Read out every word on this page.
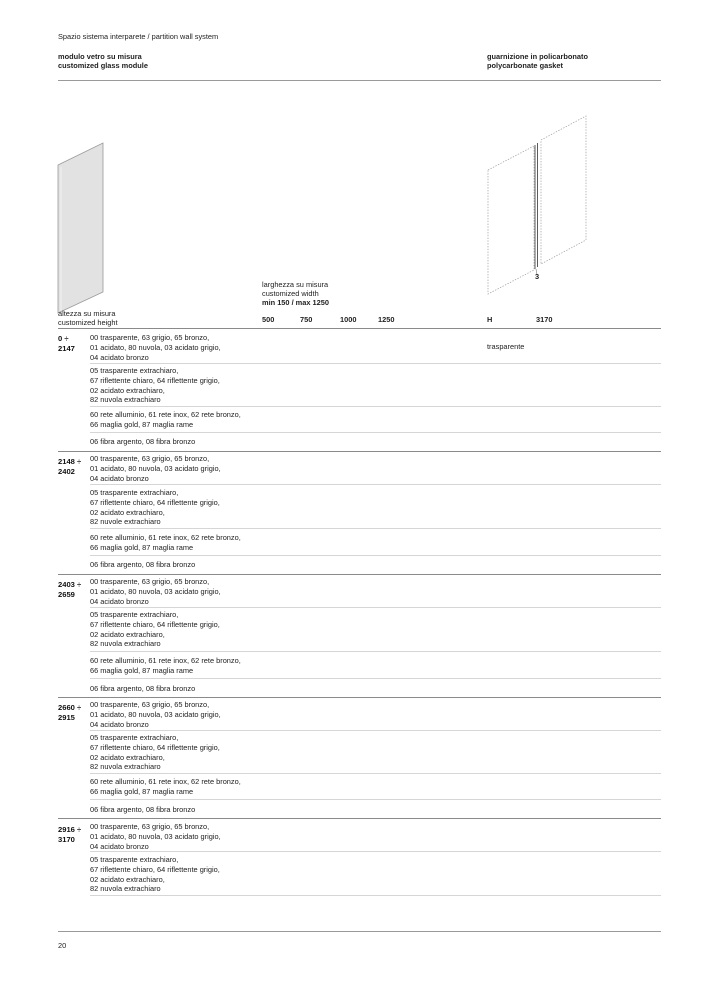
Spazio sistema interparete / partition wall system
modulo vetro su misura
customized glass module
guarnizione in policarbonato
polycarbonate gasket
3
larghezza su misura
customized width
min 150 / max 1250
altezza su misura
customized height	500	750	1000	1250	H	3170
trasparente
0 ÷
2147
00 trasparente, 63 grigio, 65 bronzo,
01 acidato, 80 nuvola, 03 acidato grigio,
04 acidato bronzo
05 trasparente extrachiaro,
67 riflettente chiaro, 64 riflettente grigio,
02 acidato extrachiaro,
82 nuvola extrachiaro
60 rete alluminio, 61 rete inox, 62 rete bronzo,
66 maglia gold, 87 maglia rame
06 fibra argento, 08 fibra bronzo
2148 ÷
2402
00 trasparente, 63 grigio, 65 bronzo,
01 acidato, 80 nuvola, 03 acidato grigio,
04 acidato bronzo
05 trasparente extrachiaro,
67 riflettente chiaro, 64 riflettente grigio,
02 acidato extrachiaro,
82 nuvole extrachiaro
60 rete alluminio, 61 rete inox, 62 rete bronzo,
66 maglia gold, 87 maglia rame
06 fibra argento, 08 fibra bronzo
2403 ÷
2659
00 trasparente, 63 grigio, 65 bronzo,
01 acidato, 80 nuvola, 03 acidato grigio,
04 acidato bronzo
05 trasparente extrachiaro,
67 riflettente chiaro, 64 riflettente grigio,
02 acidato extrachiaro,
82 nuvola extrachiaro
60 rete alluminio, 61 rete inox, 62 rete bronzo,
66 maglia gold, 87 maglia rame
06 fibra argento, 08 fibra bronzo
2660 ÷
2915
00 trasparente, 63 grigio, 65 bronzo,
01 acidato, 80 nuvola, 03 acidato grigio,
04 acidato bronzo
05 trasparente extrachiaro,
67 riflettente chiaro, 64 riflettente grigio,
02 acidato extrachiaro,
82 nuvola extrachiaro
60 rete alluminio, 61 rete inox, 62 rete bronzo,
66 maglia gold, 87 maglia rame
06 fibra argento, 08 fibra bronzo
2916 ÷
3170
00 trasparente, 63 grigio, 65 bronzo,
01 acidato, 80 nuvola, 03 acidato grigio,
04 acidato bronzo
05 trasparente extrachiaro,
67 riflettente chiaro, 64 riflettente grigio,
02 acidato extrachiaro,
82 nuvola extrachiaro
20
